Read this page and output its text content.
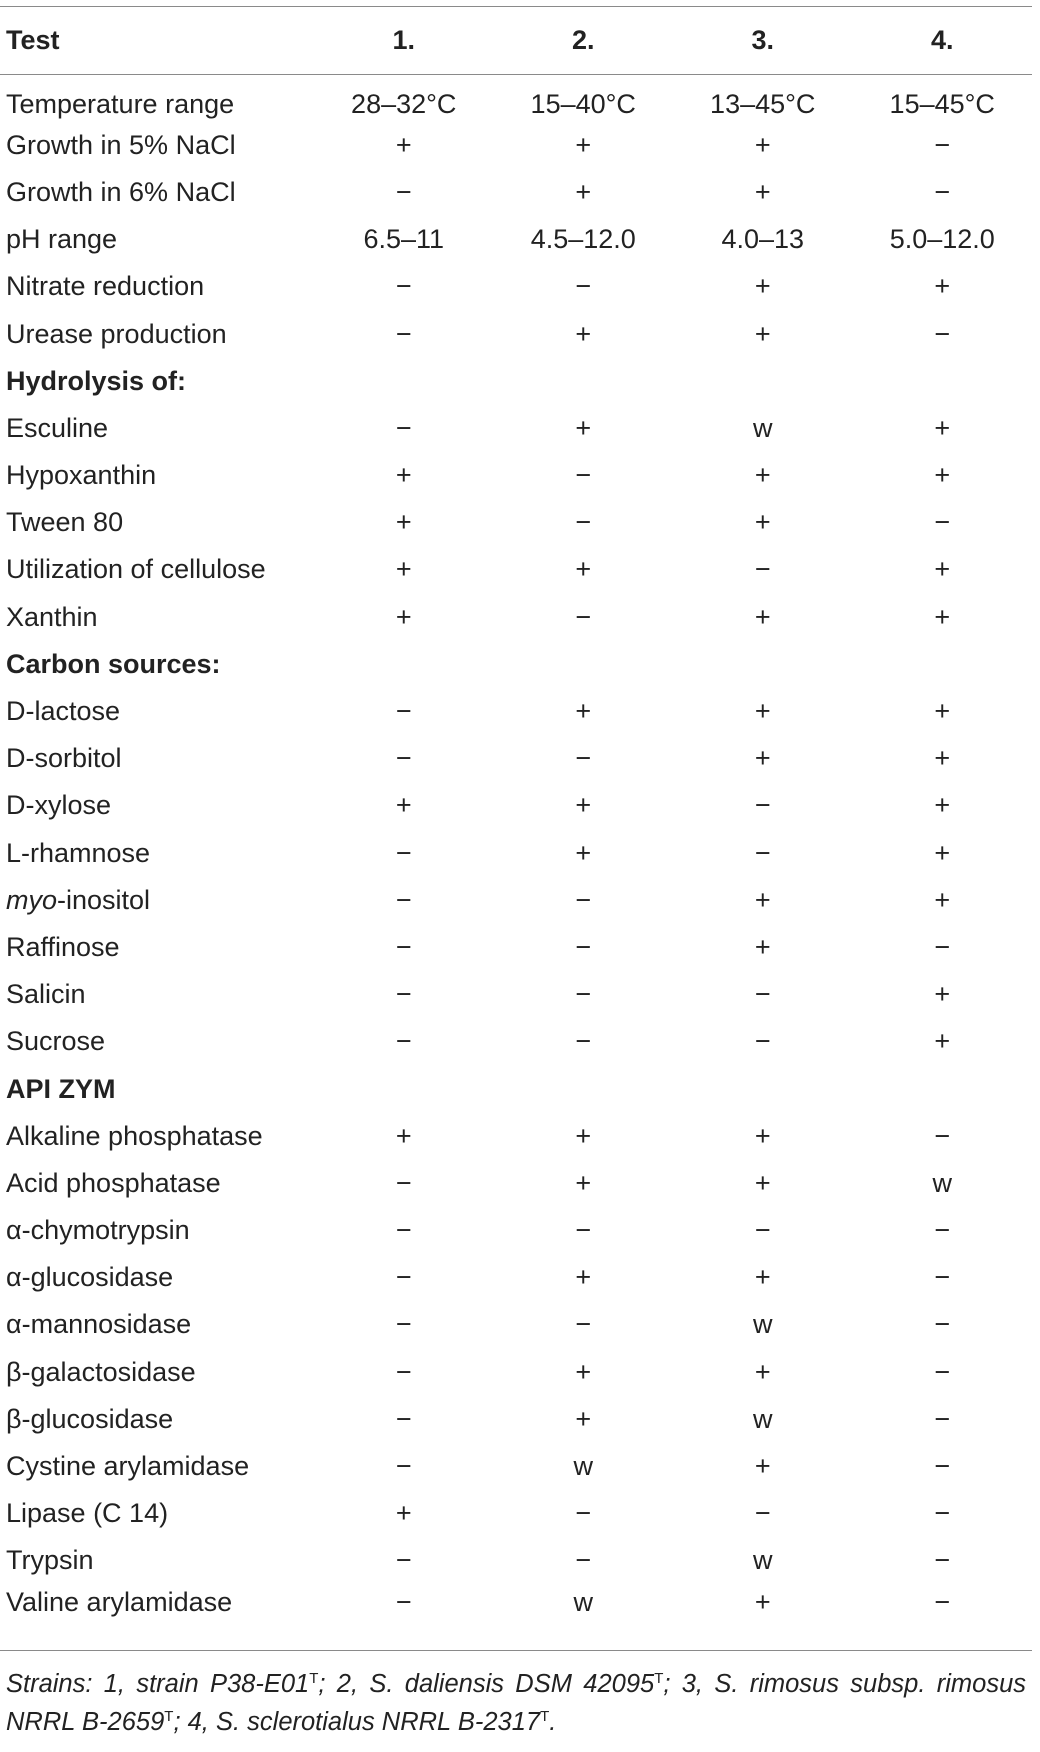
Test	1.	2.	3.	4.
Temperature range	28–32°C	15–40°C	13–45°C	15–45°C
Growth in 5% NaCl	+	+	+	−
Growth in 6% NaCl	−	+	+	−
pH range	6.5–11	4.5–12.0	4.0–13	5.0–12.0
Nitrate reduction	−	−	+	+
Urease production	−	+	+	−
Hydrolysis of:				
Esculine	−	+	w	+
Hypoxanthin	+	−	+	+
Tween 80	+	−	+	−
Utilization of cellulose	+	+	−	+
Xanthin	+	−	+	+
Carbon sources:				
D-lactose	−	+	+	+
D-sorbitol	−	−	+	+
D-xylose	+	+	−	+
L-rhamnose	−	+	−	+
myo-inositol	−	−	+	+
Raffinose	−	−	+	−
Salicin	−	−	−	+
Sucrose	−	−	−	+
API ZYM				
Alkaline phosphatase	+	+	+	−
Acid phosphatase	−	+	+	w
α-chymotrypsin	−	−	−	−
α-glucosidase	−	+	+	−
α-mannosidase	−	−	w	−
β-galactosidase	−	+	+	−
β-glucosidase	−	+	w	−
Cystine arylamidase	−	w	+	−
Lipase (C 14)	+	−	−	−
Trypsin	−	−	w	−
Valine arylamidase	−	w	+	−

Strains: 1, strain $P38-E01^T$; 2, S. daliensis DSM $42095^T$; 3, S. rimosus subsp. rimosus NRRL $B-2659^T$; 4, S. sclerotialus NRRL $B-2317^T$.
